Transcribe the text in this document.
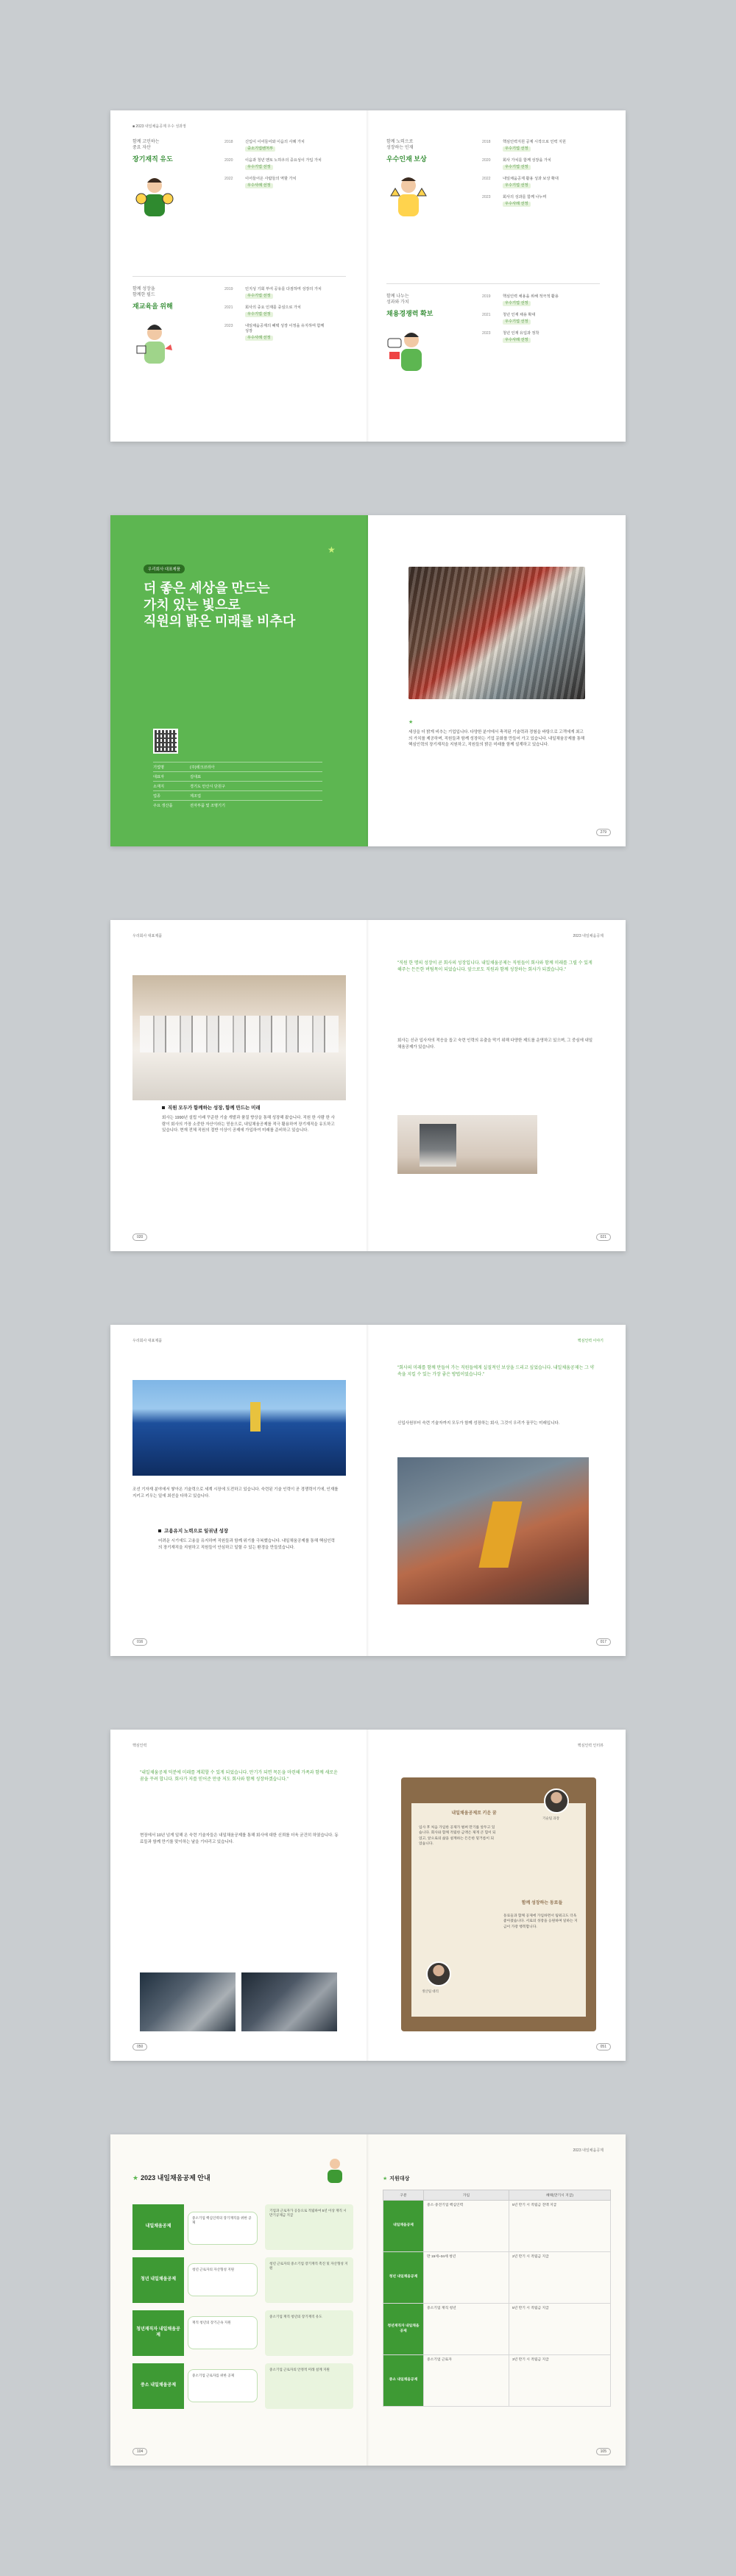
■ 2023 내일채움공제 우수 성과정
함께 고민하는
중요 자산
장기재직 유도
2018	신입이 이어들어와 이음의 사례 가치
중소기업벤처부
2020	이음과 청년 멘토 노하우의 중요성이 가입 가치
우수기업 선정
2022	이어들어온 사람들의 역할 가치
우수사례 선정
함께 성장을
함께한 필드
재교육을 위해
2019	인지성 기회 부여 공유를 다짐하며 성장의 가치
우수기업 선정
2021	회사의 중요 인재를 중심으로 가치
우수기업 선정
2023	내일채움공제의 혜택 성장 이정을 유지하며 함께 성장
우수사례 선정
함께 노력으로
성장하는 인재
우수인재 보상
2018	핵심인력지원 공제 시작으로 인력 지원
우수기업 선정
2020	회사 가치를 함께 성장을 가치
우수기업 선정
2022	내일채움공제 활용 성과 보상 확대
우수기업 선정
2023	회사의 성과를 함께 나누며
우수사례 선정
함께 나누는
성과와 가치
채용경쟁력 확보
2019	핵심인력 채용을 위해 적극적 활용
우수기업 선정
2021	청년 인재 채용 확대
우수기업 선정
2023	청년 인재 유입과 정착
우수사례 선정
우리회사 대표제품
더 좋은 세상을 만드는
가치 있는 빛으로
직원의 밝은 미래를 비추다
★
기업명	(주)테크코리아
대표자	김대표
소재지	경기도 안산시 단원구
업종	제조업
주요 생산품	전자부품 및 조명기기
★
세상을 더 밝게 비추는 기업입니다. 다양한 분야에서 축적된 기술력과 경험을 바탕으로 고객에게 최고의 가치를 제공하며, 직원들과 함께 성장하는 기업 문화를 만들어 가고 있습니다. 내일채움공제를 통해 핵심인력의 장기재직을 지원하고, 직원들의 밝은 미래를 함께 설계하고 있습니다.
279
우리회사 대표제품
직원 모두가 함께하는 성장, 함께 만드는 미래
회사는 1990년 설립 이래 꾸준한 기술 개발과 품질 향상을 통해 성장해 왔습니다. 직원 한 사람 한 사람이 회사의 가장 소중한 자산이라는 믿음으로, 내일채움공제를 적극 활용하여 장기재직을 유도하고 있습니다. 현재 전체 직원의 절반 이상이 공제에 가입하여 미래를 준비하고 있습니다.
020
2023 내일채움공제
"직원 한 명의 성장이 곧 회사의 성장입니다. 내일채움공제는 직원들이 회사와 함께 미래를 그릴 수 있게 해주는 든든한 버팀목이 되었습니다. 앞으로도 직원과 함께 성장하는 회사가 되겠습니다."
회사는 신규 입사자의 적응을 돕고 숙련 인력의 유출을 막기 위해 다양한 제도를 운영하고 있으며, 그 중심에 내일채움공제가 있습니다.
021
우리회사 대표제품
조선 기자재 분야에서 쌓아온 기술력으로 세계 시장에 도전하고 있습니다. 숙련된 기술 인력이 곧 경쟁력이기에, 인재를 지키고 키우는 일에 최선을 다하고 있습니다.
고용유지 노력으로 일궈낸 성장
어려운 시기에도 고용을 유지하며 직원들과 함께 위기를 극복했습니다. 내일채움공제를 통해 핵심인력의 장기재직을 지원하고 직원들이 안심하고 일할 수 있는 환경을 만들었습니다.
016
핵심인력 이야기
"회사의 미래를 함께 만들어 가는 직원들에게 실질적인 보상을 드리고 싶었습니다. 내일채움공제는 그 약속을 지킬 수 있는 가장 좋은 방법이었습니다."
신입사원부터 숙련 기술자까지 모두가 함께 성장하는 회사, 그것이 우리가 꿈꾸는 미래입니다.
017
핵심인력
"내일채움공제 덕분에 미래를 계획할 수 있게 되었습니다. 만기가 되면 목돈을 마련해 가족과 함께 새로운 꿈을 꾸려 합니다. 회사가 저를 믿어준 만큼 저도 회사와 함께 성장하겠습니다."
현장에서 10년 넘게 일해 온 숙련 기술자들은 내일채움공제를 통해 회사에 대한 신뢰를 더욱 굳건히 하였습니다. 동료들과 함께 만기를 맞이하는 날을 기다리고 있습니다.
050
핵심인력 인터뷰
내일채움공제로 키운 꿈
기술팀 과장
입사 후 처음 가입한 공제가 벌써 만기를 앞두고 있습니다. 회사와 함께 적립한 금액은 제게 큰 힘이 되었고, 앞으로의 삶을 설계하는 든든한 밑거름이 되었습니다.
함께 성장하는 동료들
동료들과 함께 공제에 가입하면서 팀워크도 더욱 좋아졌습니다. 서로의 성장을 응원하며 일하는 지금이 가장 행복합니다.
생산팀 대리
051
★ 2023 내일채움공제 안내
내일채움공제
중소기업 핵심인력의 장기재직을 위한 공제
기업과 근로자가 공동으로 적립하여 5년 이상 재직 시 만기공제금 지급
청년 내일채움공제
청년 근로자의 자산형성 지원
청년 근로자의 중소기업 장기재직 촉진 및 자산형성 지원
청년재직자 내일채움공제
재직 청년의 장기근속 지원
중소기업 재직 청년의 장기재직 유도
중소 내일채움공제
중소기업 근로자를 위한 공제
중소기업 근로자의 안정적 미래 설계 지원
104
2023 내일채움공제
★ 지원대상
구분	가입	혜택(만기시 지급)
내일채움공제	중소·중견기업 핵심인력	5년 만기 시 적립금 전액 지급
청년 내일채움공제	만 15세~34세 청년	2년 만기 시 적립금 지급
청년재직자 내일채움공제	중소기업 재직 청년	5년 만기 시 적립금 지급
중소 내일채움공제	중소기업 근로자	3년 만기 시 적립금 지급
105
